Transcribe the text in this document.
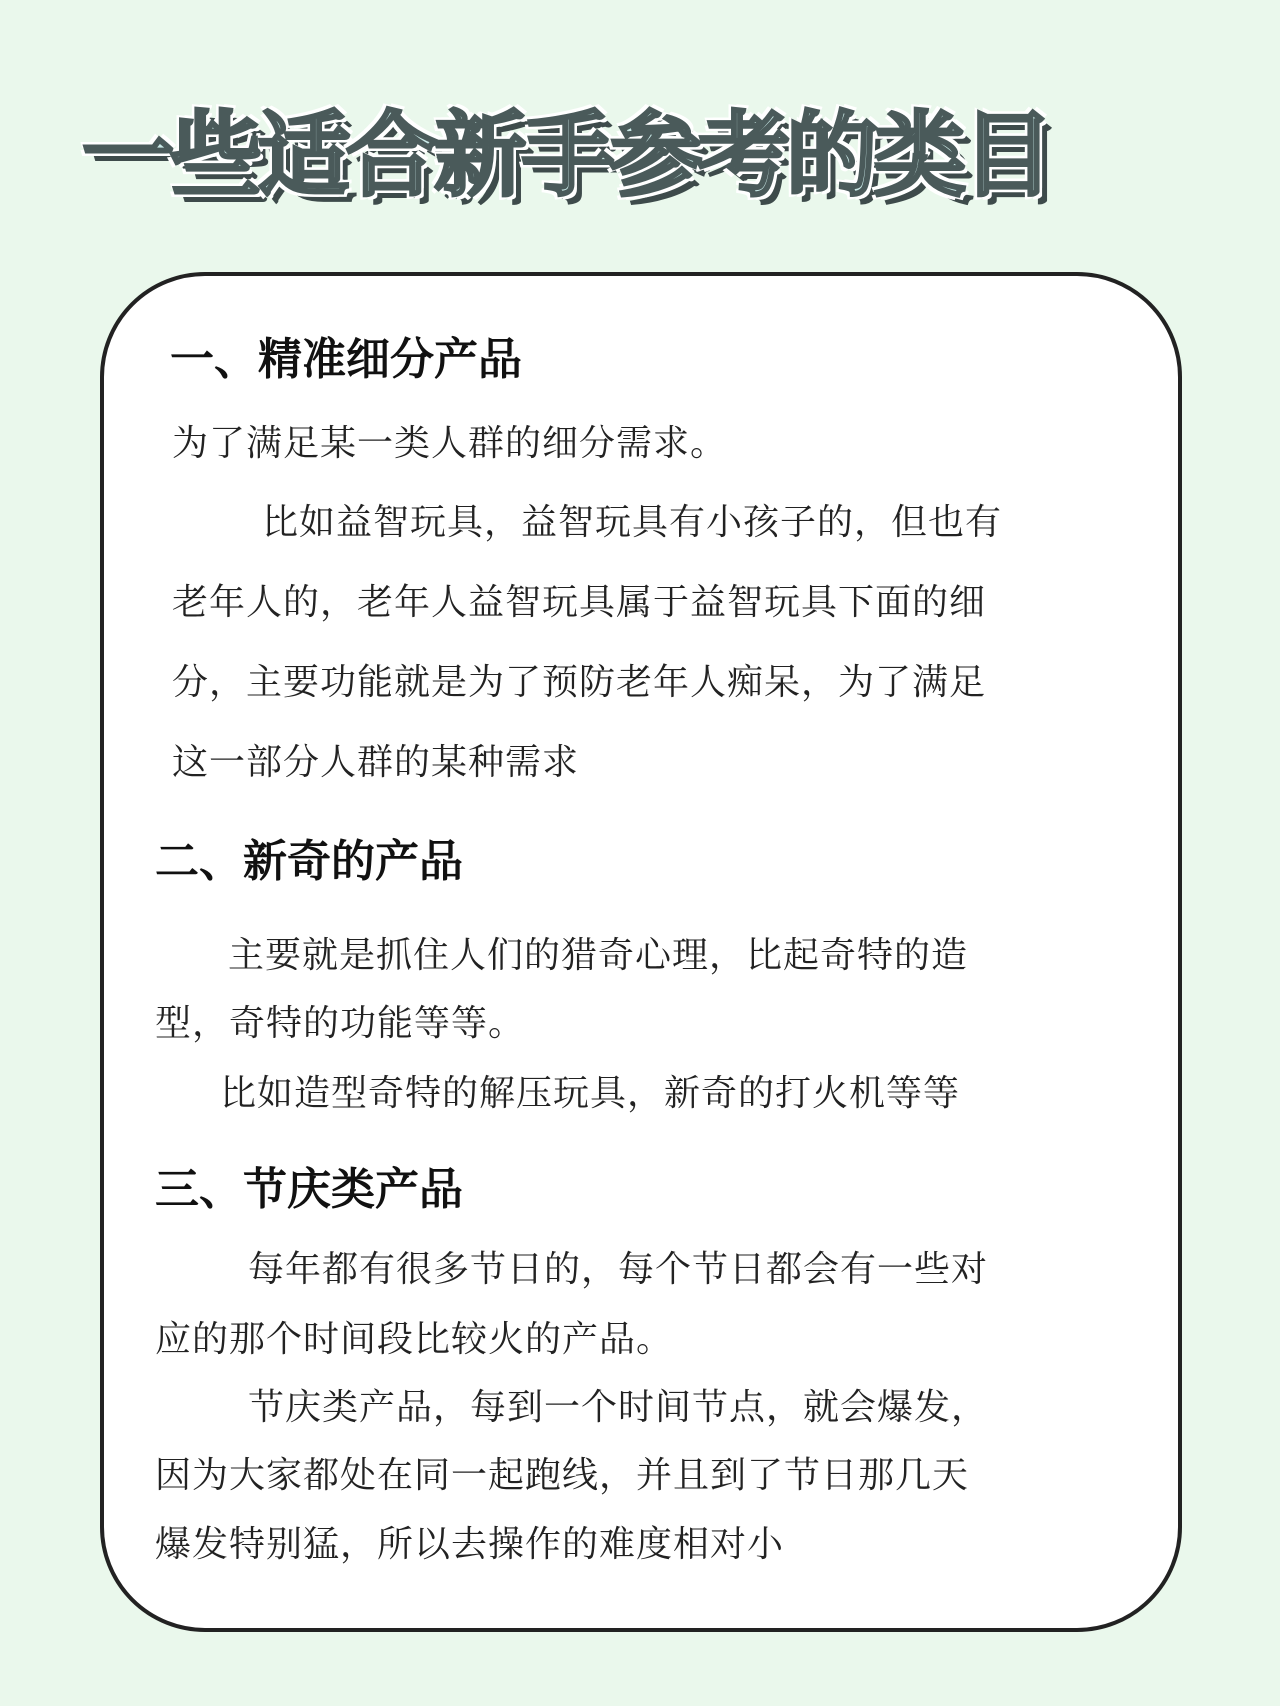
一些适合新手参考的类目
一、精准细分产品

为了满足某一类人群的细分需求。

比如益智玩具，益智玩具有小孩子的，但也有

老年人的，老年人益智玩具属于益智玩具下面的细

分，主要功能就是为了预防老年人痴呆，为了满足

这一部分人群的某种需求

二、新奇的产品

主要就是抓住人们的猎奇心理，比起奇特的造

型，奇特的功能等等。

比如造型奇特的解压玩具，新奇的打火机等等

三、节庆类产品

每年都有很多节日的，每个节日都会有一些对

应的那个时间段比较火的产品。

节庆类产品，每到一个时间节点，就会爆发，

因为大家都处在同一起跑线，并且到了节日那几天

爆发特别猛，所以去操作的难度相对小
